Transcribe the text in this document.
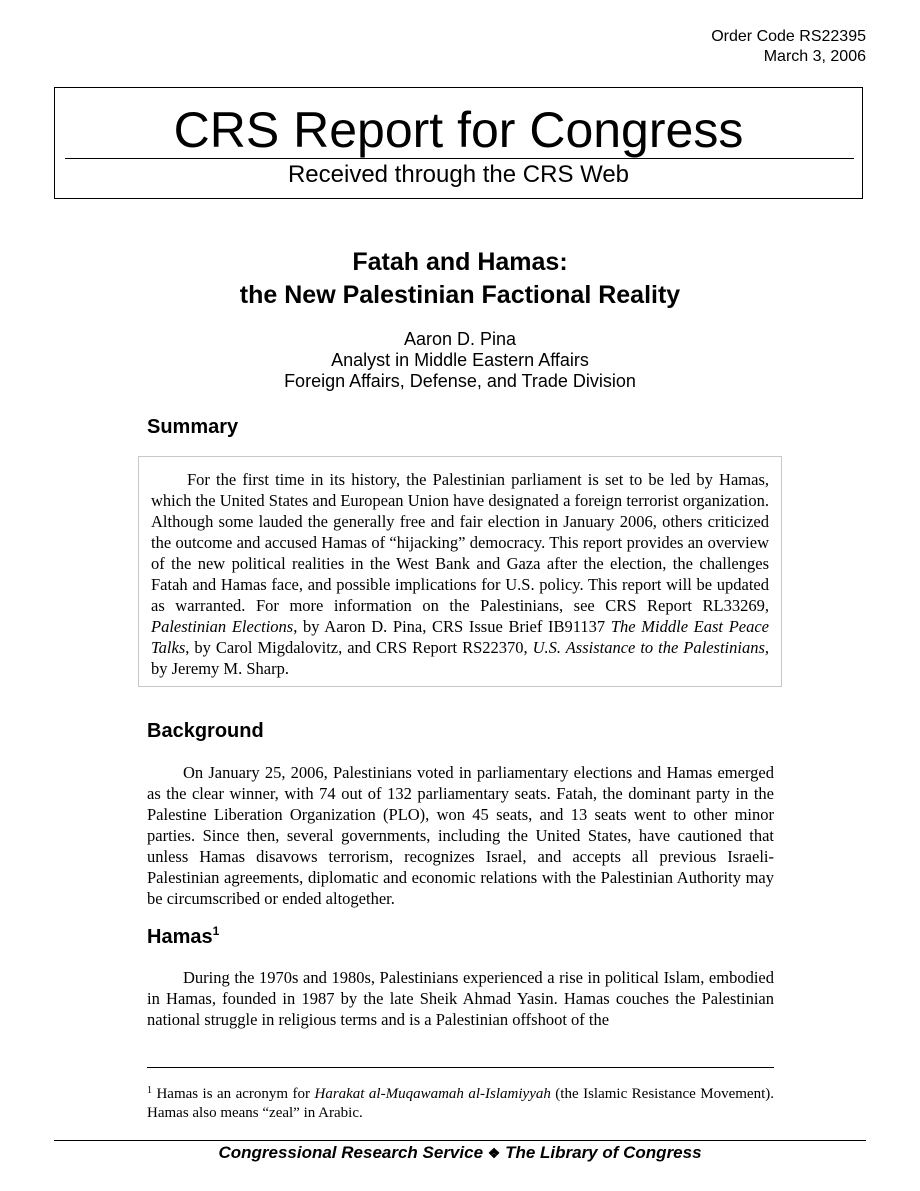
Order Code RS22395
March 3, 2006
CRS Report for Congress
Received through the CRS Web
Fatah and Hamas:
the New Palestinian Factional Reality
Aaron D. Pina
Analyst in Middle Eastern Affairs
Foreign Affairs, Defense, and Trade Division
Summary
For the first time in its history, the Palestinian parliament is set to be led by Hamas, which the United States and European Union have designated a foreign terrorist organization. Although some lauded the generally free and fair election in January 2006, others criticized the outcome and accused Hamas of “hijacking” democracy. This report provides an overview of the new political realities in the West Bank and Gaza after the election, the challenges Fatah and Hamas face, and possible implications for U.S. policy. This report will be updated as warranted. For more information on the Palestinians, see CRS Report RL33269, Palestinian Elections, by Aaron D. Pina, CRS Issue Brief IB91137 The Middle East Peace Talks, by Carol Migdalovitz, and CRS Report RS22370, U.S. Assistance to the Palestinians, by Jeremy M. Sharp.
Background
On January 25, 2006, Palestinians voted in parliamentary elections and Hamas emerged as the clear winner, with 74 out of 132 parliamentary seats. Fatah, the dominant party in the Palestine Liberation Organization (PLO), won 45 seats, and 13 seats went to other minor parties. Since then, several governments, including the United States, have cautioned that unless Hamas disavows terrorism, recognizes Israel, and accepts all previous Israeli-Palestinian agreements, diplomatic and economic relations with the Palestinian Authority may be circumscribed or ended altogether.
Hamas$^1$
During the 1970s and 1980s, Palestinians experienced a rise in political Islam, embodied in Hamas, founded in 1987 by the late Sheik Ahmad Yasin. Hamas couches the Palestinian national struggle in religious terms and is a Palestinian offshoot of the
$^1$ Hamas is an acronym for Harakat al-Muqawamah al-Islamiyyah (the Islamic Resistance Movement). Hamas also means “zeal” in Arabic.
Congressional Research Service ❖ The Library of Congress
